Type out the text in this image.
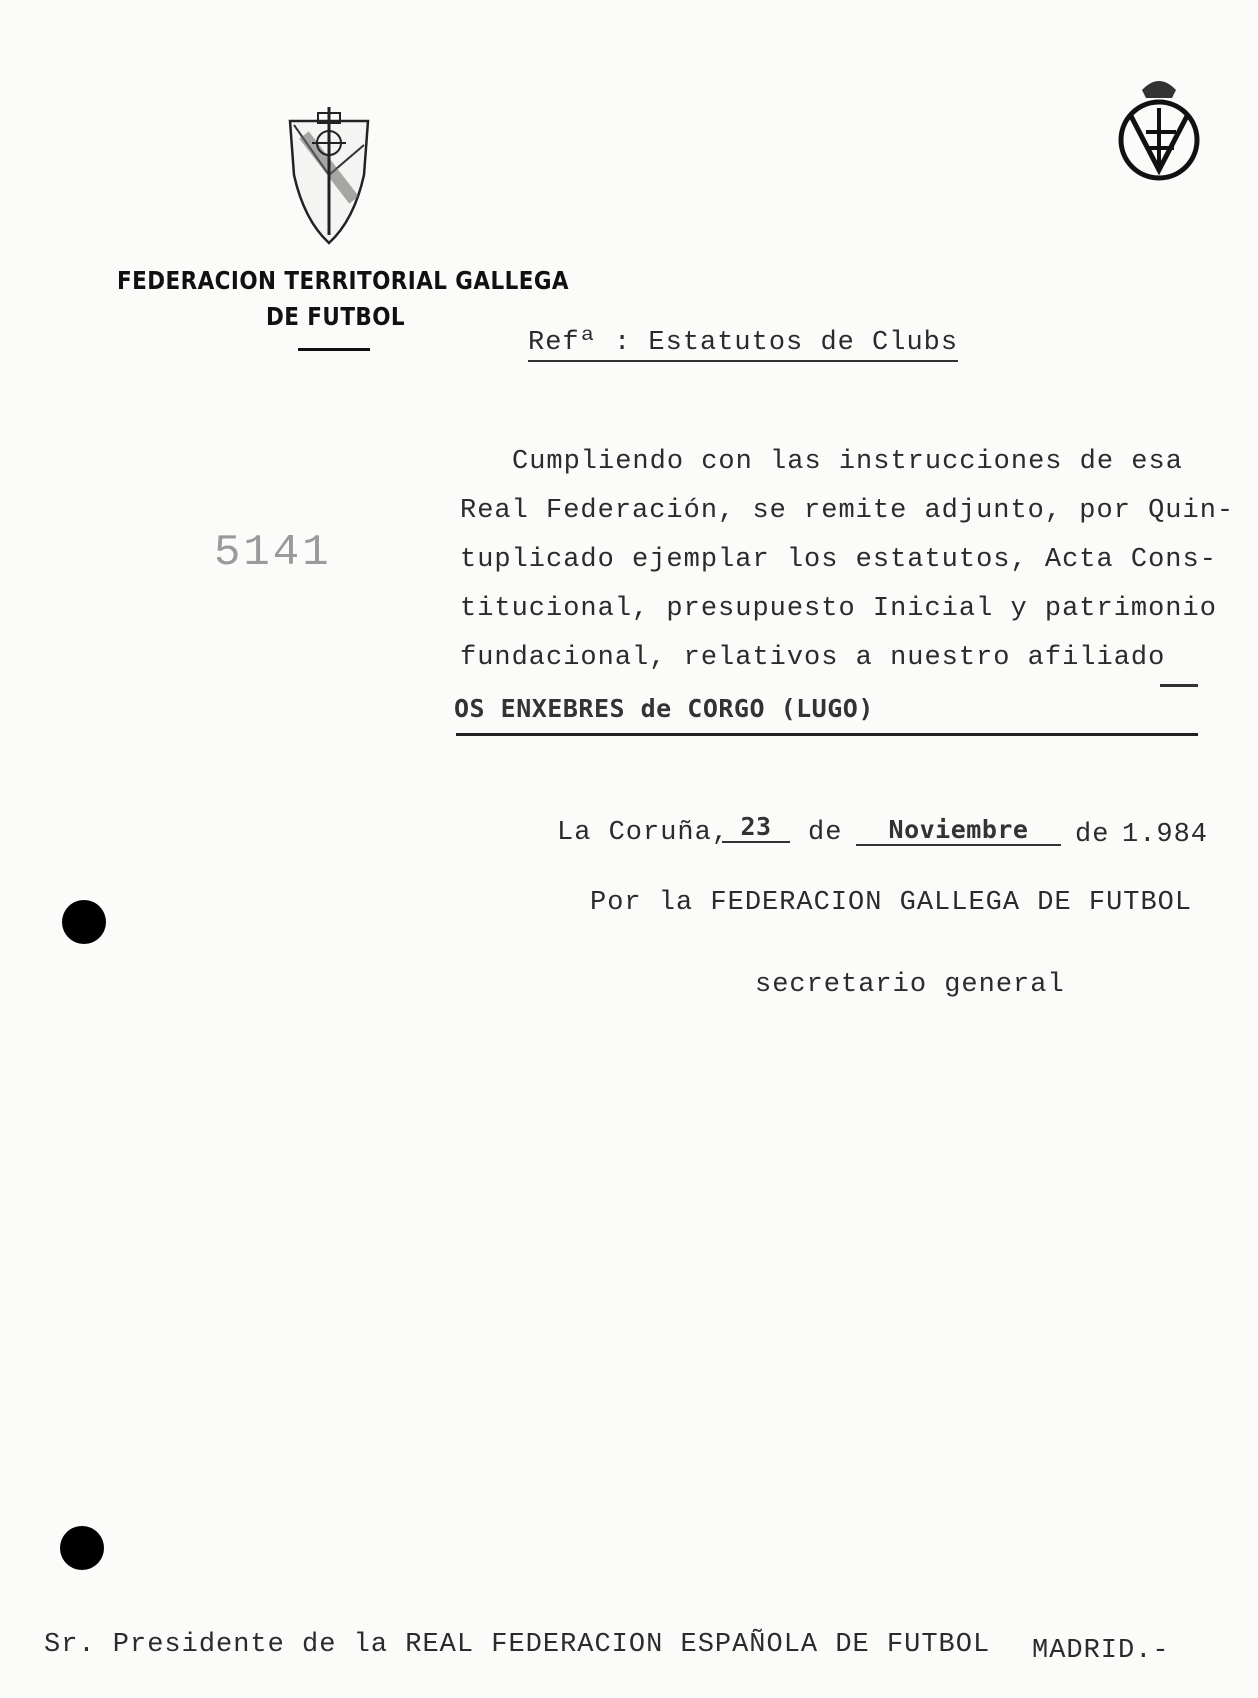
FEDERACION TERRITORIAL GALLEGA
DE FUTBOL
Refª : Estatutos de Clubs
5141
Cumpliendo con las instrucciones de esa
Real Federación, se remite adjunto, por Quin-
tuplicado ejemplar los estatutos, Acta Cons-
titucional, presupuesto Inicial y patrimonio
fundacional, relativos a nuestro afiliado
OS ENXEBRES de CORGO (LUGO)
La Coruña, 23	de	Noviembre	de 1.984
Por la FEDERACION GALLEGA DE FUTBOL
secretario general
Sr. Presidente de la REAL FEDERACION ESPAÑOLA DE FUTBOL MADRID.-
